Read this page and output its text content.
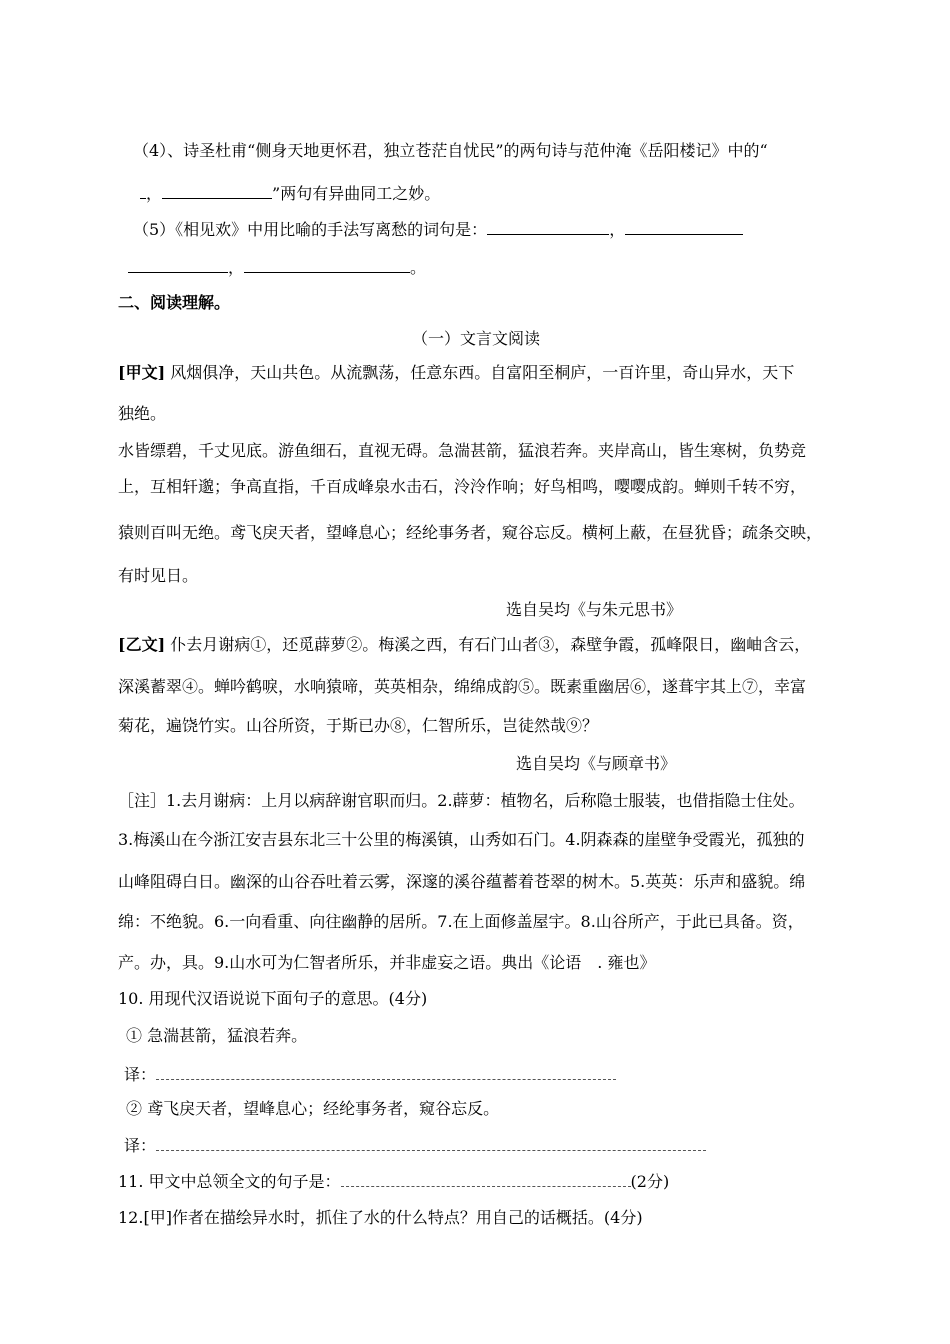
（4）、诗圣杜甫“侧身天地更怀君，独立苍茫自忧民”的两句诗与范仲淹《岳阳楼记》中的“
，	”两句有异曲同工之妙。
（5）《相见欢》中用比喻的手法写离愁的词句是：	，
，	。
二、阅读理解。
（一）文言文阅读
[甲文] 风烟俱净，天山共色。从流飘荡，任意东西。自富阳至桐庐，一百许里，奇山异水，天下
独绝。
水皆缥碧，千丈见底。游鱼细石，直视无碍。急湍甚箭，猛浪若奔。夹岸高山，皆生寒树，负势竞
上，互相轩邈；争高直指，千百成峰泉水击石，泠泠作响；好鸟相鸣，嘤嘤成韵。蝉则千转不穷，
猿则百叫无绝。鸢飞戾天者，望峰息心；经纶事务者，窥谷忘反。横柯上蔽，在昼犹昏；疏条交映，
有时见日。
选自吴均《与朱元思书》
[乙文] 仆去月谢病①，还觅薜萝②。梅溪之西，有石门山者③，森壁争霞，孤峰限日，幽岫含云，
深溪蓄翠④。蝉吟鹤唳，水响猿啼，英英相杂，绵绵成韵⑤。既素重幽居⑥，遂葺宇其上⑦，幸富
菊花，遍饶竹实。山谷所资，于斯已办⑧，仁智所乐，岂徒然哉⑨？
选自吴均《与顾章书》
［注］1.去月谢病：上月以病辞谢官职而归。2.薜萝：植物名，后称隐士服装，也借指隐士住处。
3.梅溪山在今浙江安吉县东北三十公里的梅溪镇，山秀如石门。4.阴森森的崖壁争受霞光，孤独的
山峰阻碍白日。幽深的山谷吞吐着云雾，深邃的溪谷蕴蓄着苍翠的树木。5.英英：乐声和盛貌。绵
绵：不绝貌。6.一向看重、向往幽静的居所。7.在上面修盖屋宇。8.山谷所产，于此已具备。资，
产。办，具。9.山水可为仁智者所乐，并非虚妄之语。典出《论语　. 雍也》
10. 用现代汉语说说下面句子的意思。(4分)
① 急湍甚箭，猛浪若奔。
译：
② 鸢飞戾天者，望峰息心；经纶事务者，窥谷忘反。
译：
11. 甲文中总领全文的句子是：	(2分)
12.[甲]作者在描绘异水时，抓住了水的什么特点？用自己的话概括。(4分)
